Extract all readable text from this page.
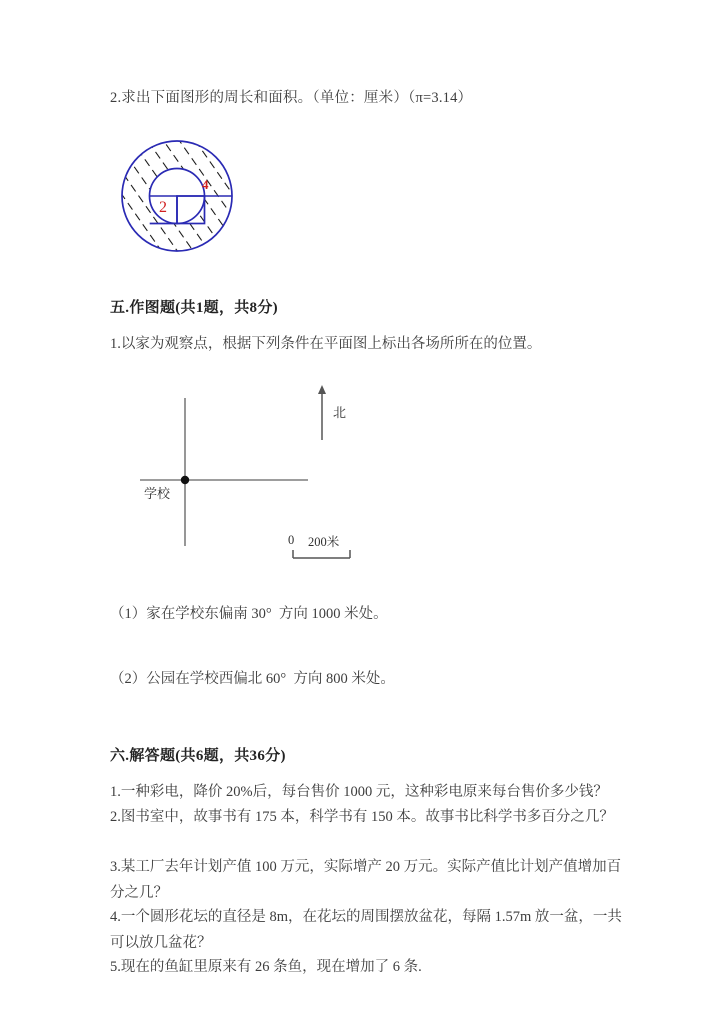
2.求出下面图形的周长和面积。（单位：厘米）（π=3.14）
4
2
五.作图题(共1题，共8分)
1.以家为观察点，根据下列条件在平面图上标出各场所所在的位置。
学校
北
0 200米
（1）家在学校东偏南 30°  方向 1000 米处。
（2）公园在学校西偏北 60°  方向 800 米处。
六.解答题(共6题，共36分)
1.一种彩电，降价 20%后，每台售价 1000 元，这种彩电原来每台售价多少钱？
2.图书室中，故事书有 175 本，科学书有 150 本。故事书比科学书多百分之几？
3.某工厂去年计划产值 100 万元，实际增产 20 万元。实际产值比计划产值增加百分之几？
4.一个圆形花坛的直径是 8m，在花坛的周围摆放盆花，每隔 1.57m 放一盆，一共可以放几盆花？
5.现在的鱼缸里原来有 26 条鱼，现在增加了 6 条.
